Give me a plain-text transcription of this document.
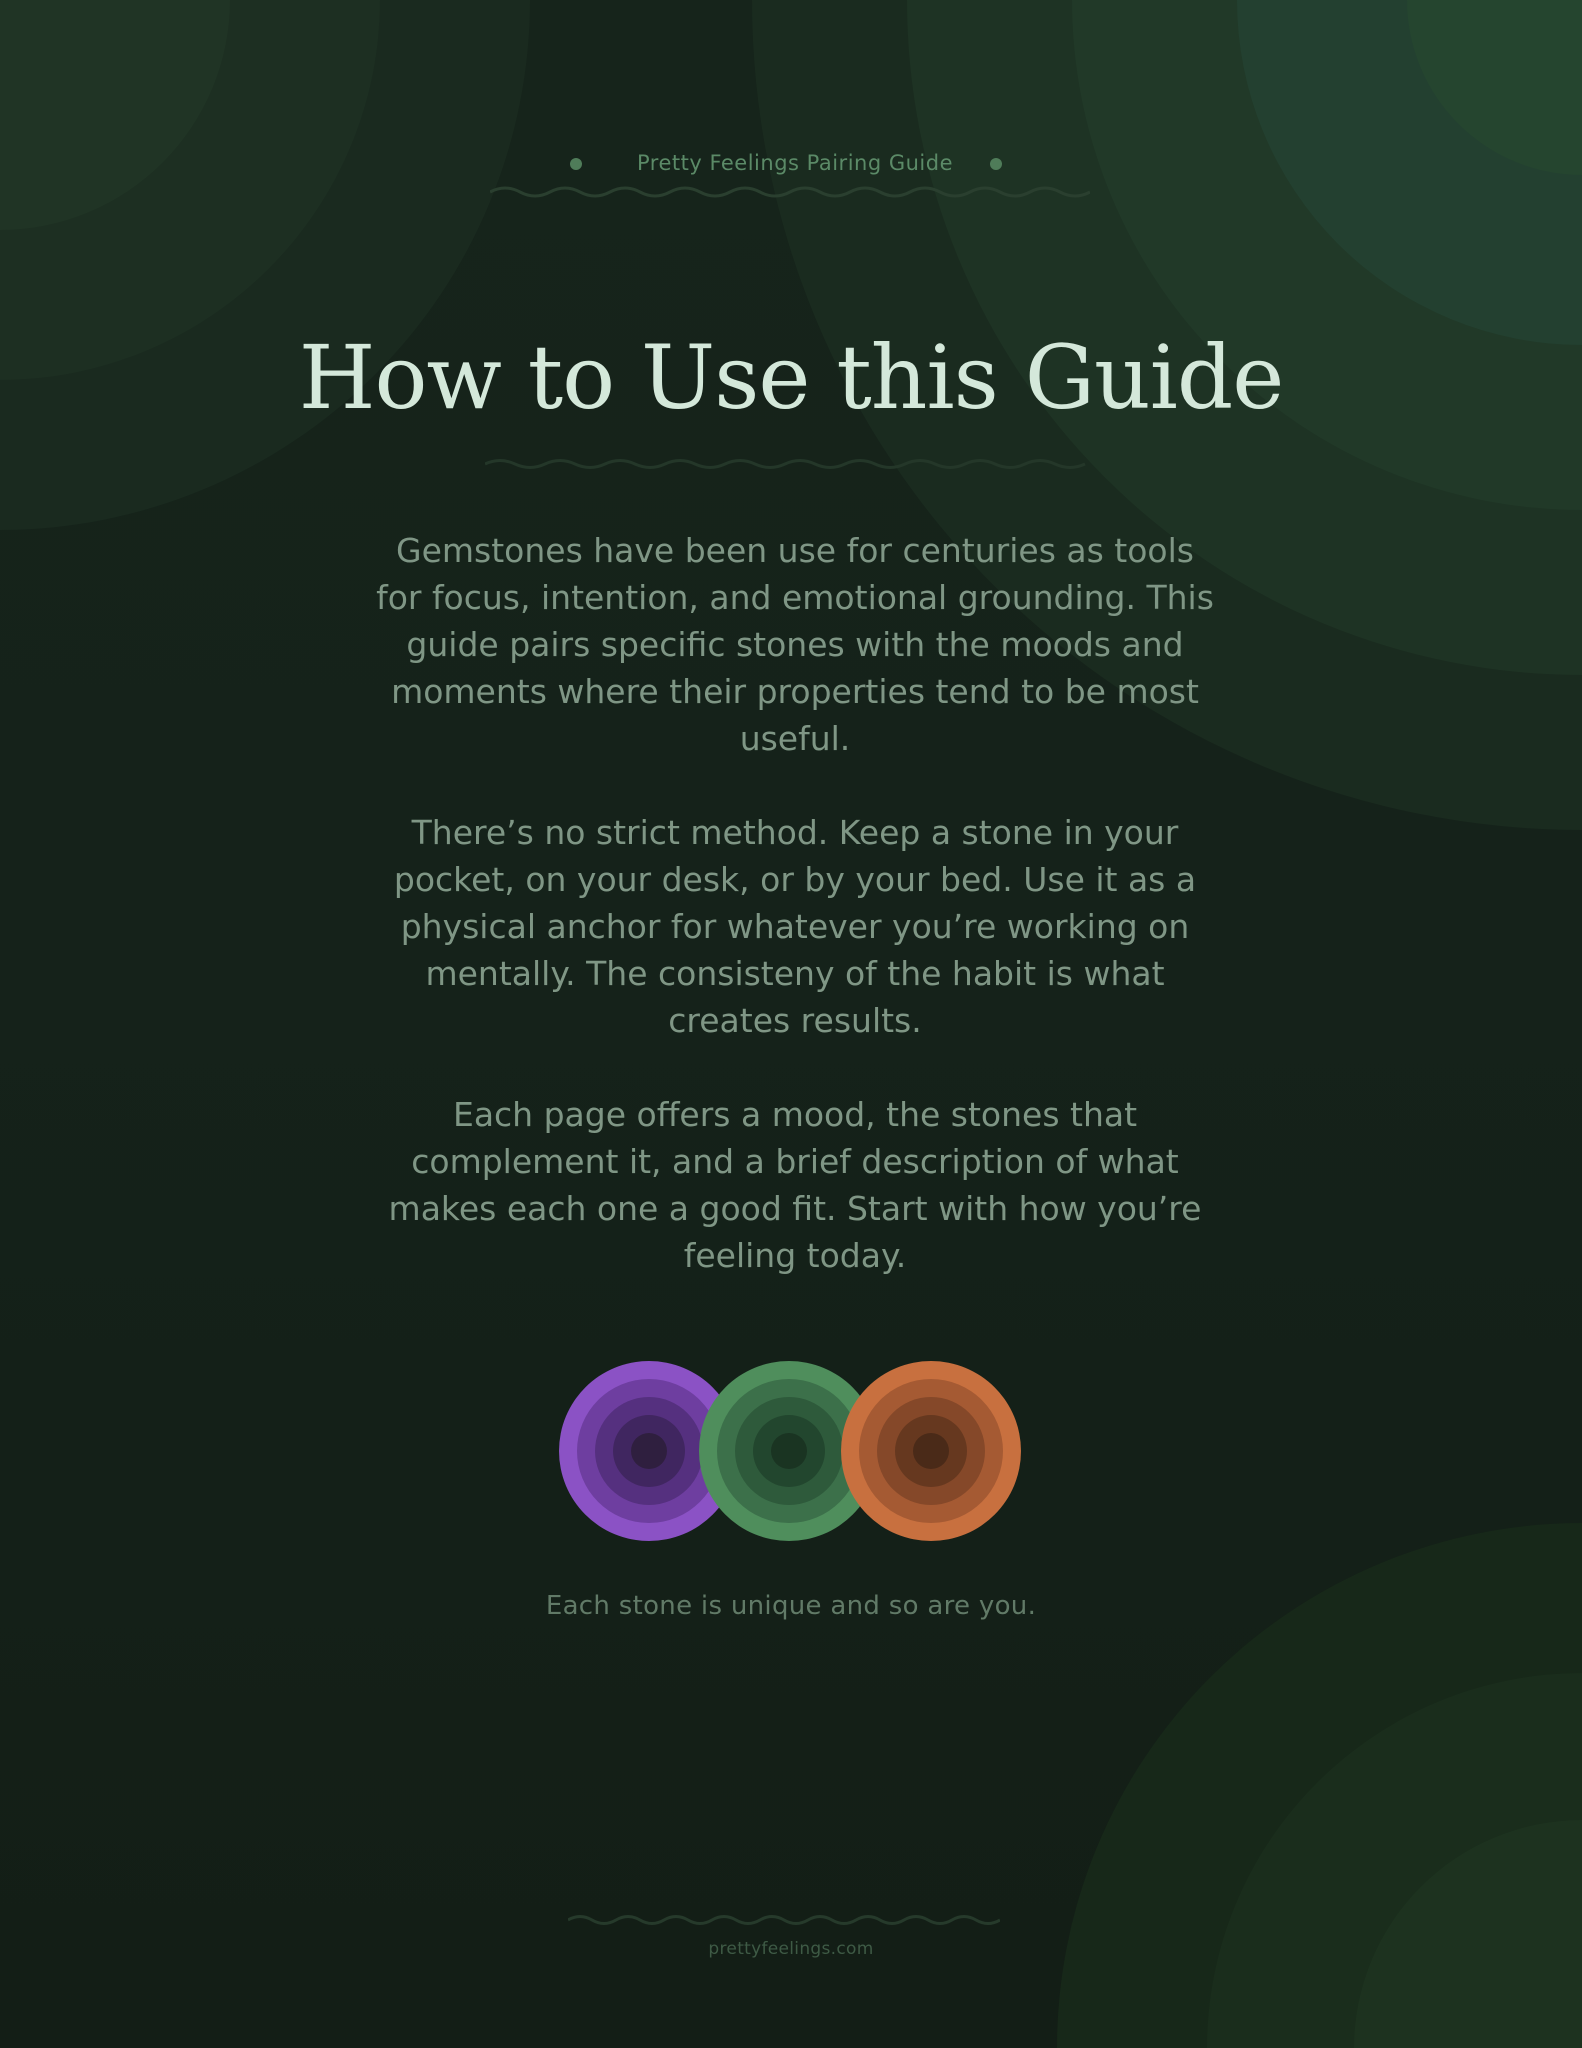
Pretty Feelings Pairing Guide
How to Use this Guide

Gemstones have been use for centuries as tools for focus, intention, and emotional grounding. This guide pairs specific stones with the moods and moments where their properties tend to be most useful.

There’s no strict method. Keep a stone in your pocket, on your desk, or by your bed. Use it as a physical anchor for whatever you’re working on mentally. The consisteny of the habit is what creates results.

Each page offers a mood, the stones that complement it, and a brief description of what makes each one a good fit. Start with how you’re feeling today.

Each stone is unique and so are you.
prettyfeelings.com
